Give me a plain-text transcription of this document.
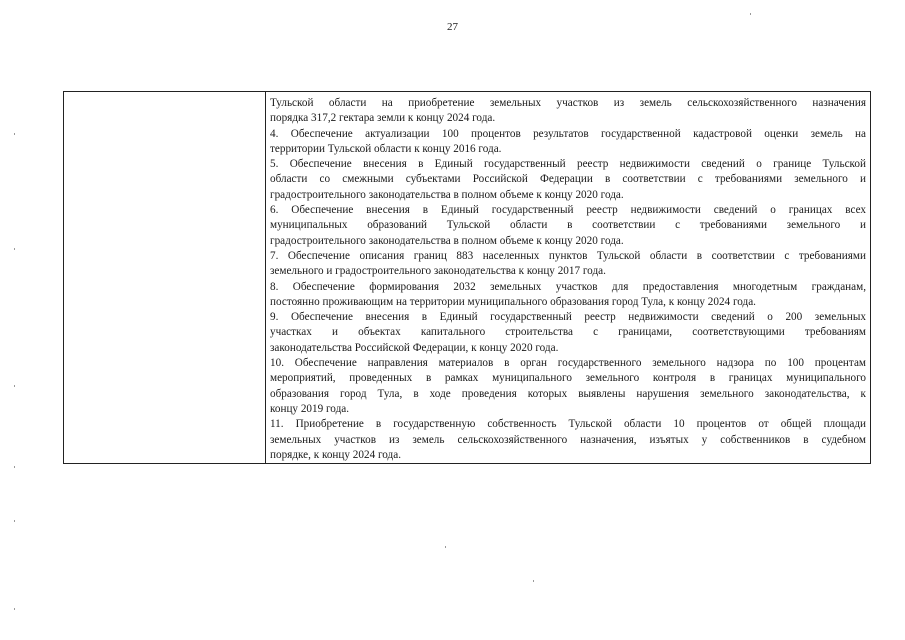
27

Тульской области на приобретение земельных участков из земель сельскохозяйственного назначения
порядка 317,2 гектара земли к концу 2024 года.
4. Обеспечение актуализации 100 процентов результатов государственной кадастровой оценки земель на
территории Тульской области к концу 2016 года.
5. Обеспечение внесения в Единый государственный реестр недвижимости сведений о границе Тульской
области со смежными субъектами Российской Федерации в соответствии с требованиями земельного и
градостроительного законодательства в полном объеме к концу 2020 года.
6. Обеспечение внесения в Единый государственный реестр недвижимости сведений о границах всех
муниципальных образований Тульской области в соответствии с требованиями земельного и
градостроительного законодательства в полном объеме к концу 2020 года.
7. Обеспечение описания границ 883 населенных пунктов Тульской области в соответствии с требованиями
земельного и градостроительного законодательства к концу 2017 года.
8. Обеспечение формирования 2032 земельных участков для предоставления многодетным гражданам,
постоянно проживающим на территории муниципального образования город Тула, к концу 2024 года.
9. Обеспечение внесения в Единый государственный реестр недвижимости сведений о 200 земельных
участках и объектах капитального строительства с границами, соответствующими требованиям
законодательства Российской Федерации, к концу 2020 года.
10. Обеспечение направления материалов в орган государственного земельного надзора по 100 процентам
мероприятий, проведенных в рамках муниципального земельного контроля в границах муниципального
образования город Тула, в ходе проведения которых выявлены нарушения земельного законодательства, к
концу 2019 года.
11. Приобретение в государственную собственность Тульской области 10 процентов от общей площади
земельных участков из земель сельскохозяйственного назначения, изъятых у собственников в судебном
порядке, к концу 2024 года.
